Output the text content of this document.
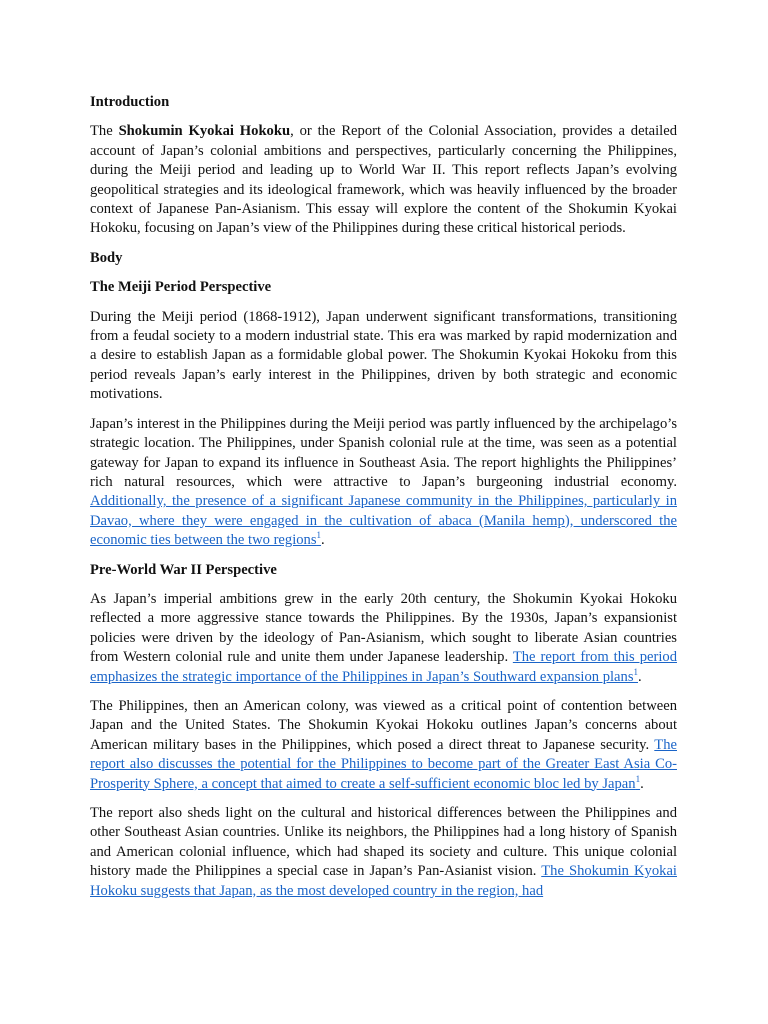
Introduction

The Shokumin Kyokai Hokoku, or the Report of the Colonial Association, provides a detailed account of Japan’s colonial ambitions and perspectives, particularly concerning the Philippines, during the Meiji period and leading up to World War II. This report reflects Japan’s evolving geopolitical strategies and its ideological framework, which was heavily influenced by the broader context of Japanese Pan-Asianism. This essay will explore the content of the Shokumin Kyokai Hokoku, focusing on Japan’s view of the Philippines during these critical historical periods.

Body
The Meiji Period Perspective

During the Meiji period (1868-1912), Japan underwent significant transformations, transitioning from a feudal society to a modern industrial state. This era was marked by rapid modernization and a desire to establish Japan as a formidable global power. The Shokumin Kyokai Hokoku from this period reveals Japan’s early interest in the Philippines, driven by both strategic and economic motivations.

Japan’s interest in the Philippines during the Meiji period was partly influenced by the archipelago’s strategic location. The Philippines, under Spanish colonial rule at the time, was seen as a potential gateway for Japan to expand its influence in Southeast Asia. The report highlights the Philippines’ rich natural resources, which were attractive to Japan’s burgeoning industrial economy. Additionally, the presence of a significant Japanese community in the Philippines, particularly in Davao, where they were engaged in the cultivation of abaca (Manila hemp), underscored the economic ties between the two regions$^1$.

Pre-World War II Perspective

As Japan’s imperial ambitions grew in the early 20th century, the Shokumin Kyokai Hokoku reflected a more aggressive stance towards the Philippines. By the 1930s, Japan’s expansionist policies were driven by the ideology of Pan-Asianism, which sought to liberate Asian countries from Western colonial rule and unite them under Japanese leadership. The report from this period emphasizes the strategic importance of the Philippines in Japan’s Southward expansion plans$^1$.

The Philippines, then an American colony, was viewed as a critical point of contention between Japan and the United States. The Shokumin Kyokai Hokoku outlines Japan’s concerns about American military bases in the Philippines, which posed a direct threat to Japanese security. The report also discusses the potential for the Philippines to become part of the Greater East Asia Co-Prosperity Sphere, a concept that aimed to create a self-sufficient economic bloc led by Japan$^1$.

The report also sheds light on the cultural and historical differences between the Philippines and other Southeast Asian countries. Unlike its neighbors, the Philippines had a long history of Spanish and American colonial influence, which had shaped its society and culture. This unique colonial history made the Philippines a special case in Japan’s Pan-Asianist vision. The Shokumin Kyokai Hokoku suggests that Japan, as the most developed country in the region, had
